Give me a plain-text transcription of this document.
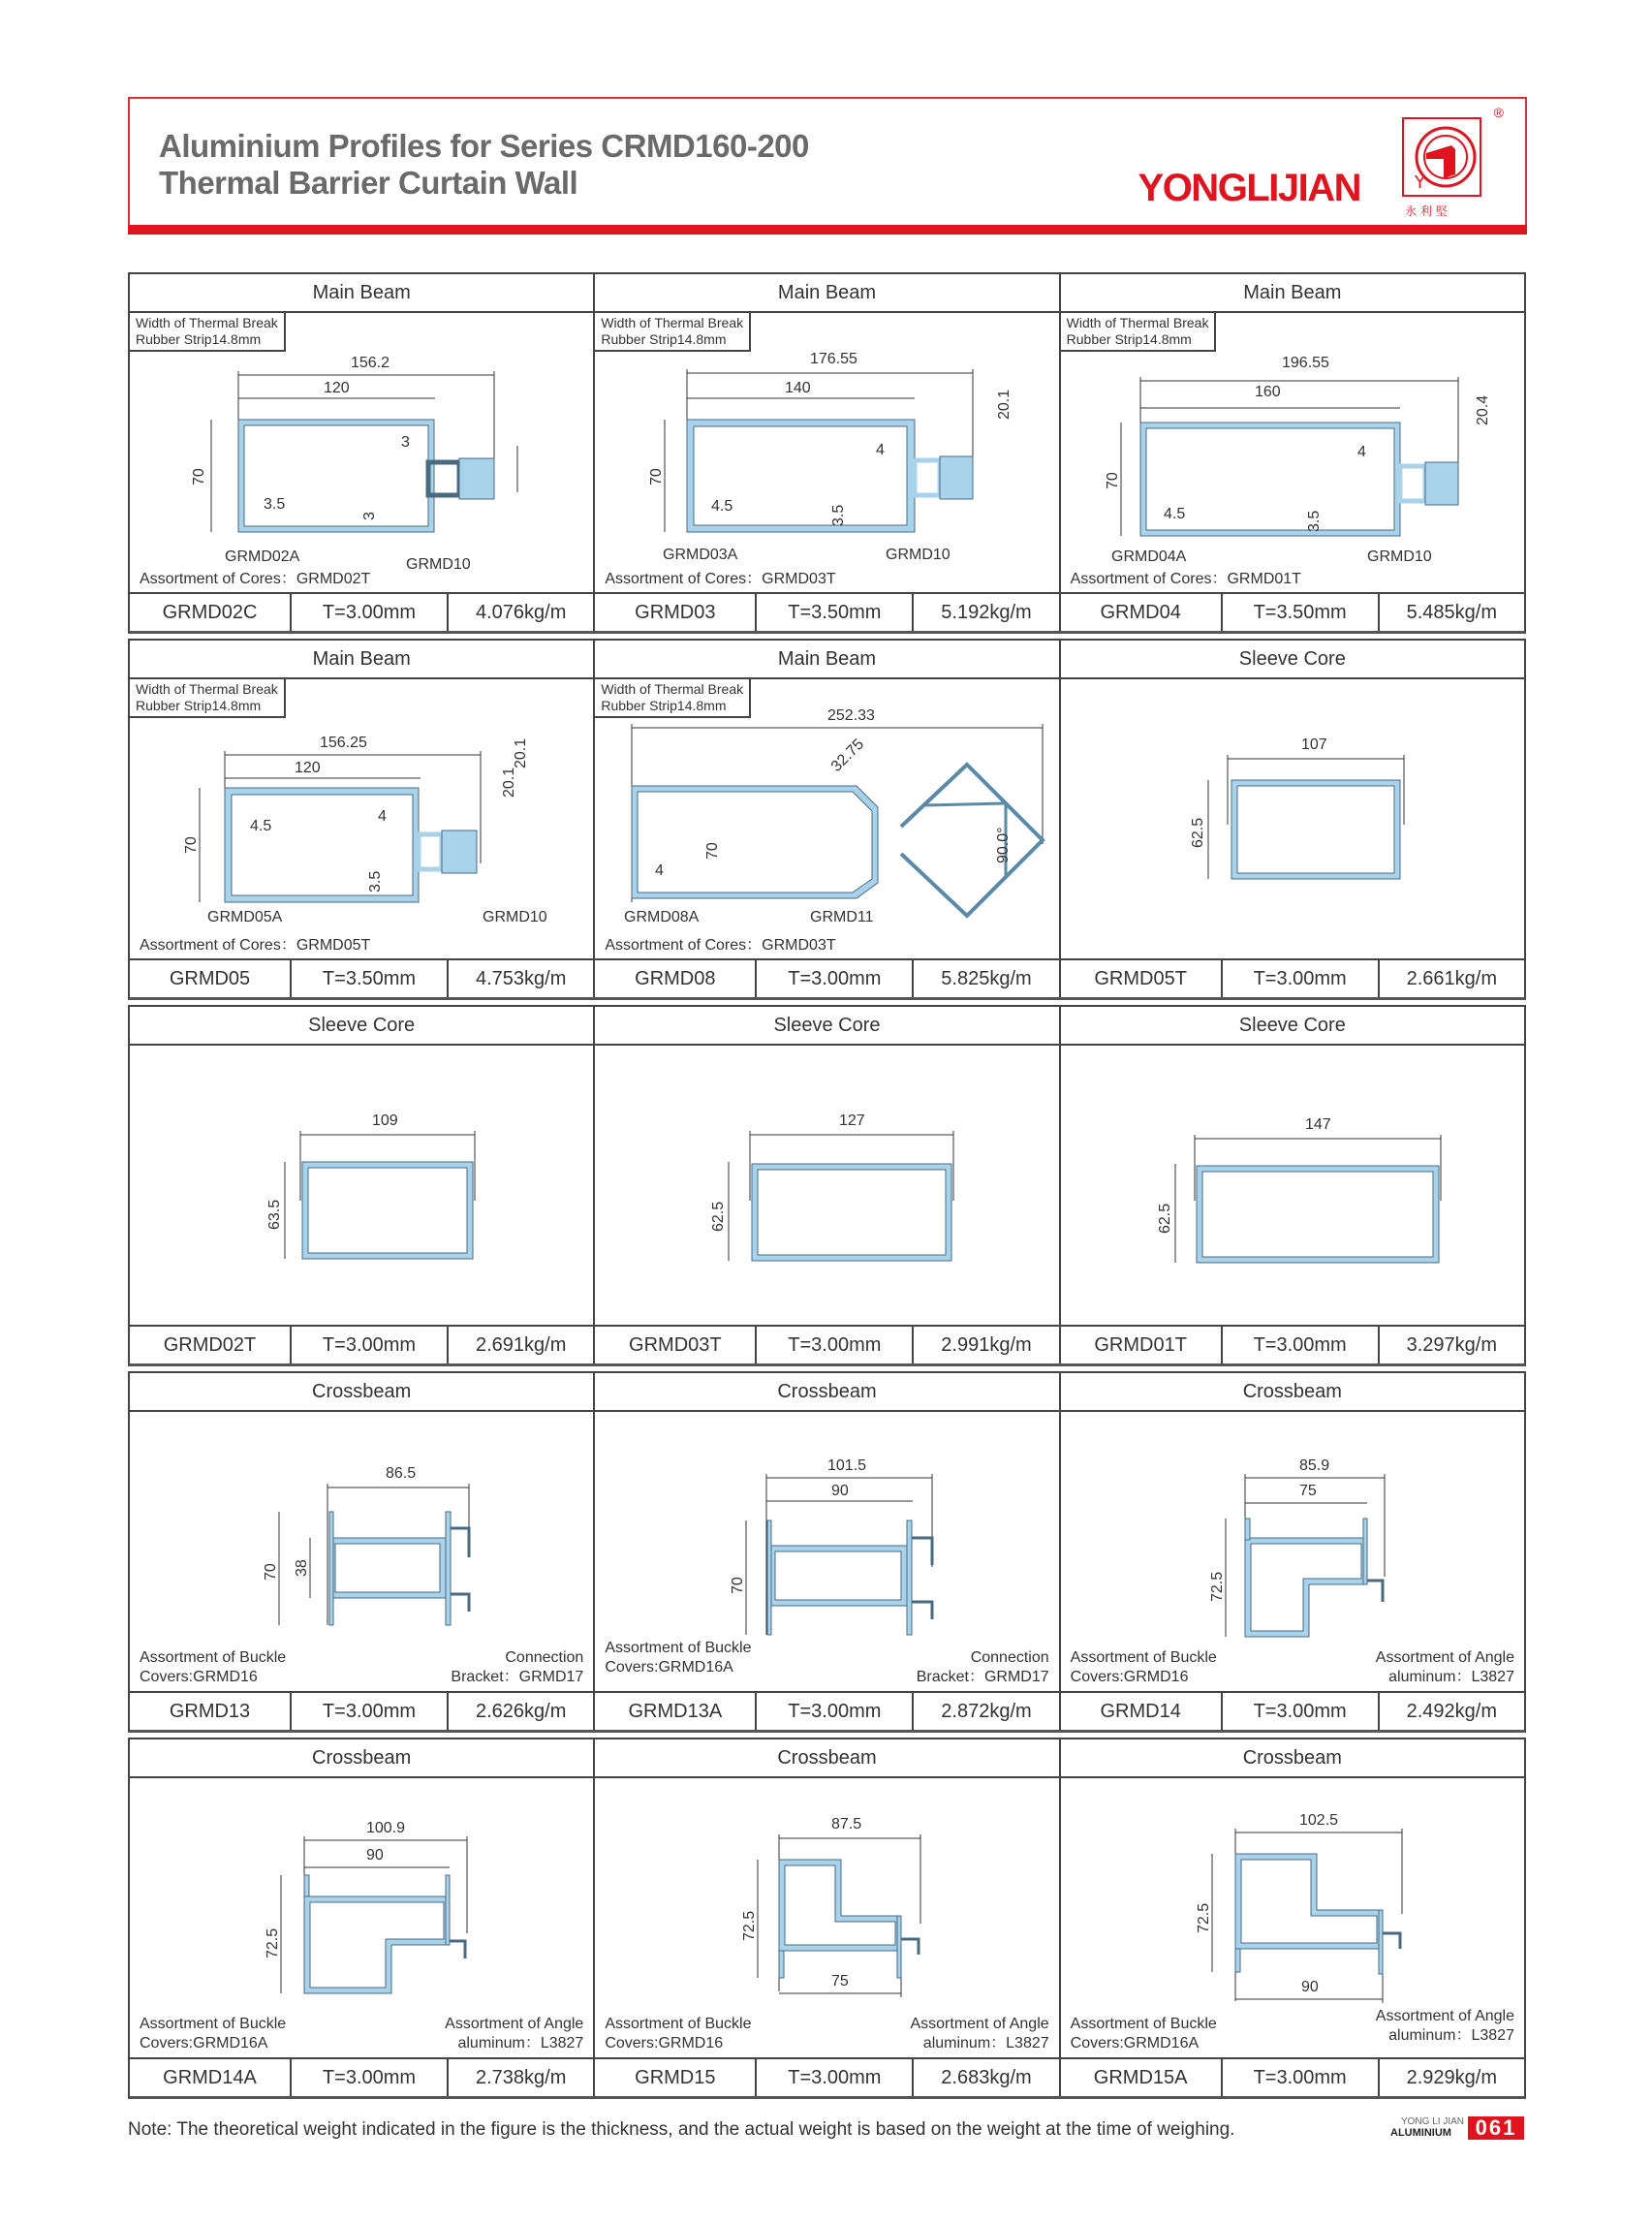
Aluminium Profiles for Series CRMD160-200
Thermal Barrier Curtain Wall	YONGLIJIAN	Y
永 利 堅
®
Main Beam
Width of Thermal Break
Rubber Strip14.8mm
156.2
120
3
20.1
70
3.5
3
GRMD02A	GRMD10
Assortment of Cores：GRMD02T
GRMD02C	T=3.00mm	4.076kg/m
Main Beam
Width of Thermal Break
Rubber Strip14.8mm
176.55
140
4
20.1
70
4.5	3.5
GRMD03A	GRMD10
Assortment of Cores：GRMD03T
GRMD03	T=3.50mm	5.192kg/m
Main Beam
Width of Thermal Break
Rubber Strip14.8mm
196.55
160
4
20.4
70
4.5	3.5
GRMD04A	GRMD10
Assortment of Cores：GRMD01T
GRMD04	T=3.50mm	5.485kg/m
Main Beam
Width of Thermal Break
Rubber Strip14.8mm
156.25
120
4
20.1
70
4.5
3.5
GRMD05A	GRMD10
Assortment of Cores：GRMD05T
GRMD05	T=3.50mm	4.753kg/m
Main Beam
Width of Thermal Break
Rubber Strip14.8mm
252.33
32.75
70
4
90.0°
GRMD08A	GRMD11
Assortment of Cores：GRMD03T
GRMD08	T=3.00mm	5.825kg/m
Sleeve Core
107
62.5
GRMD05T	T=3.00mm	2.661kg/m
Sleeve Core
109
63.5
GRMD02T	T=3.00mm	2.691kg/m
Sleeve Core
127
62.5
GRMD03T	T=3.00mm	2.991kg/m
Sleeve Core
147
62.5
GRMD01T	T=3.00mm	3.297kg/m
Crossbeam
86.5
70 38
Assortment of Buckle
Covers:GRMD16
Connection
Bracket：GRMD17
GRMD13	T=3.00mm	2.626kg/m
Crossbeam
101.5
90
70
Assortment of Buckle
Covers:GRMD16A
Connection
Bracket：GRMD17
GRMD13A	T=3.00mm	2.872kg/m
Crossbeam
85.9
75
72.5
Assortment of Buckle
Covers:GRMD16
Assortment of Angle
aluminum：L3827
GRMD14	T=3.00mm	2.492kg/m
Crossbeam
100.9
90
72.5
Assortment of Buckle
Covers:GRMD16A
Assortment of Angle
aluminum：L3827
GRMD14A	T=3.00mm	2.738kg/m
Crossbeam
87.5
72.5
75
Assortment of Buckle
Covers:GRMD16
Assortment of Angle
aluminum：L3827
GRMD15	T=3.00mm	2.683kg/m
Crossbeam
102.5
72.5
90
Assortment of Buckle
Covers:GRMD16A
Assortment of Angle
aluminum：L3827
GRMD15A	T=3.00mm	2.929kg/m
Note: The theoretical weight indicated in the figure is the thickness, and the actual weight is based on the weight at the time of weighing.	YONG LI JIAN
ALUMINIUM	061
